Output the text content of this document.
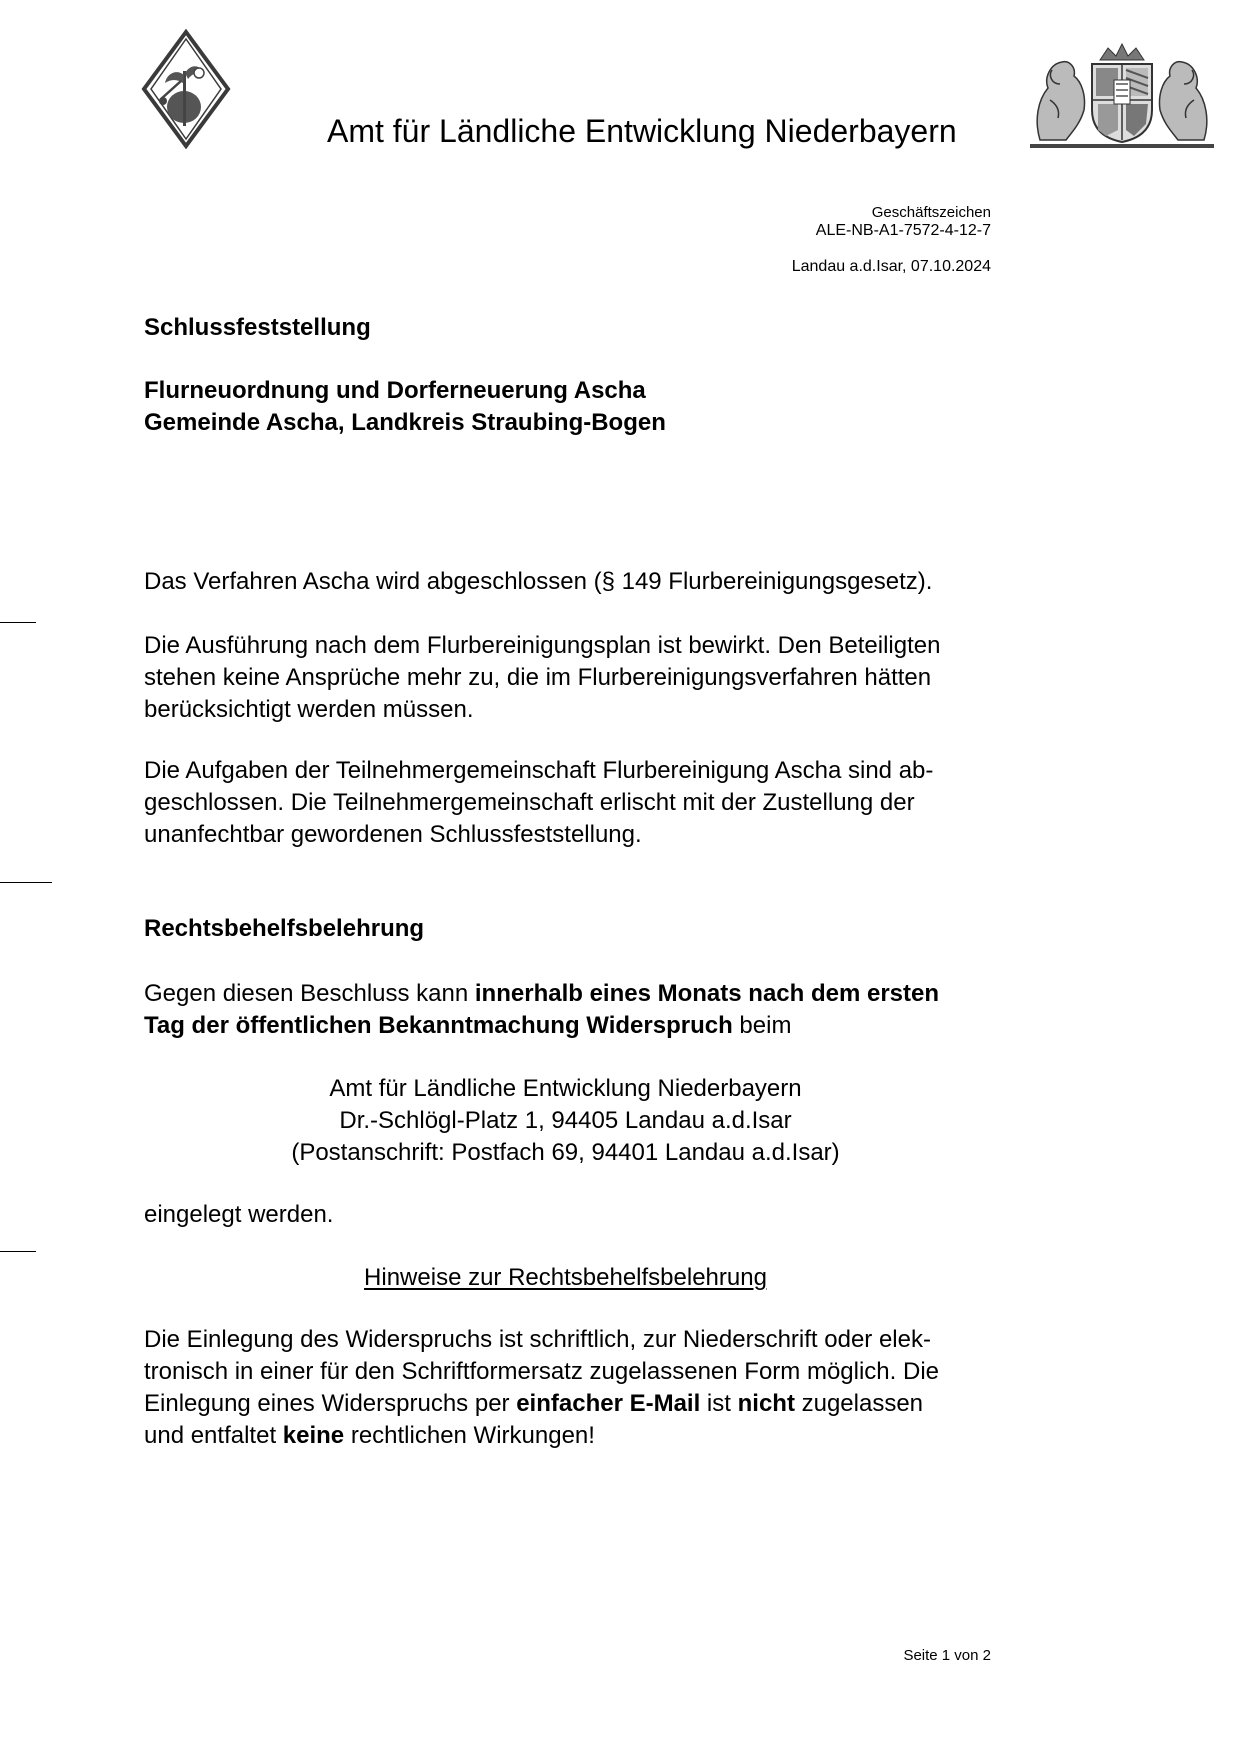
Amt für Ländliche Entwicklung Niederbayern
Geschäftszeichen
ALE-NB-A1-7572-4-12-7
Landau a.d.Isar, 07.10.2024
Schlussfeststellung
Flurneuordnung und Dorferneuerung Ascha
Gemeinde Ascha, Landkreis Straubing-Bogen
Das Verfahren Ascha wird abgeschlossen (§ 149 Flurbereinigungsgesetz).
Die Ausführung nach dem Flurbereinigungsplan ist bewirkt. Den Beteiligten
stehen keine Ansprüche mehr zu, die im Flurbereinigungsverfahren hätten
berücksichtigt werden müssen.
Die Aufgaben der Teilnehmergemeinschaft Flurbereinigung Ascha sind ab-
geschlossen. Die Teilnehmergemeinschaft erlischt mit der Zustellung der
unanfechtbar gewordenen Schlussfeststellung.
Rechtsbehelfsbelehrung
Gegen diesen Beschluss kann innerhalb eines Monats nach dem ersten
Tag der öffentlichen Bekanntmachung Widerspruch beim
Amt für Ländliche Entwicklung Niederbayern
Dr.-Schlögl-Platz 1, 94405 Landau a.d.Isar
(Postanschrift: Postfach 69, 94401 Landau a.d.Isar)
eingelegt werden.
Hinweise zur Rechtsbehelfsbelehrung
Die Einlegung des Widerspruchs ist schriftlich, zur Niederschrift oder elek-
tronisch in einer für den Schriftformersatz zugelassenen Form möglich. Die
Einlegung eines Widerspruchs per einfacher E-Mail ist nicht zugelassen
und entfaltet keine rechtlichen Wirkungen!
Seite 1 von 2
